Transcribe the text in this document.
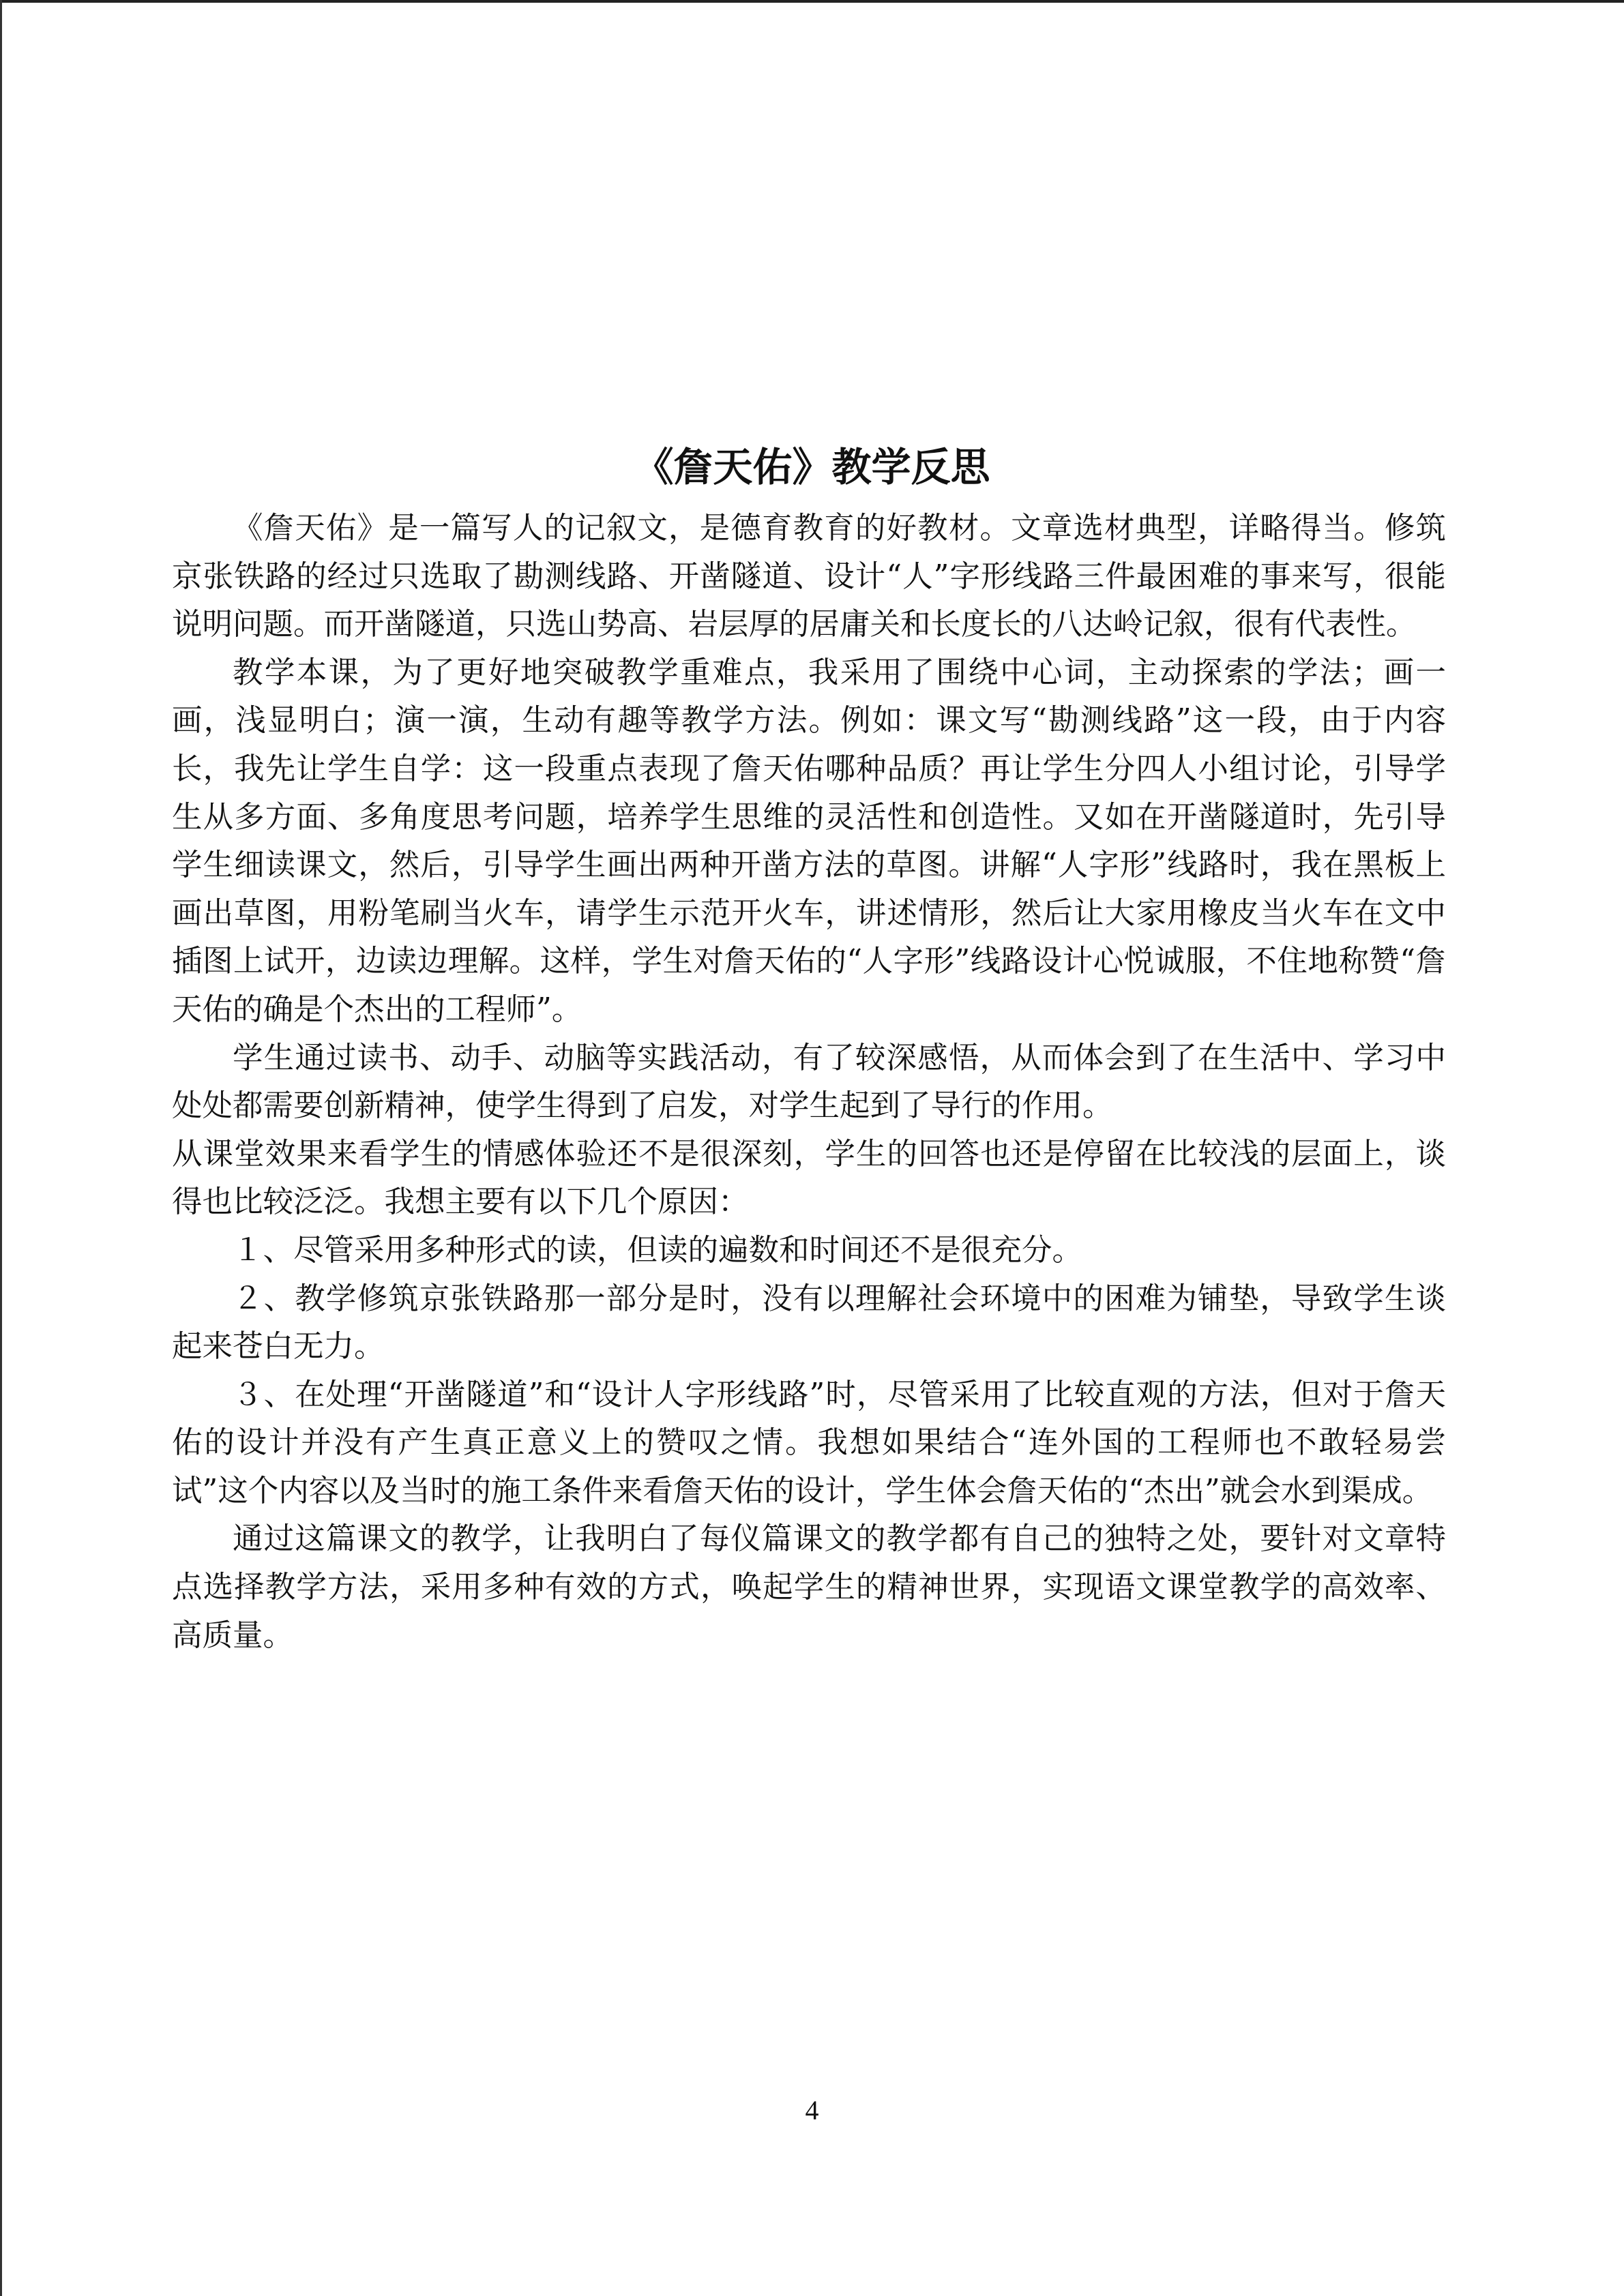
《詹天佑》教学反思

《詹天佑》是一篇写人的记叙文，是德育教育的好教材。文章选材典型，详略得当。修筑京张铁路的经过只选取了勘测线路、开凿隧道、设计“人”字形线路三件最困难的事来写，很能说明问题。而开凿隧道，只选山势高、岩层厚的居庸关和长度长的八达岭记叙，很有代表性。

教学本课，为了更好地突破教学重难点，我采用了围绕中心词，主动探索的学法；画一画，浅显明白；演一演，生动有趣等教学方法。例如：课文写“勘测线路”这一段，由于内容长，我先让学生自学：这一段重点表现了詹天佑哪种品质？再让学生分四人小组讨论，引导学生从多方面、多角度思考问题，培养学生思维的灵活性和创造性。又如在开凿隧道时，先引导学生细读课文，然后，引导学生画出两种开凿方法的草图。讲解“人字形”线路时，我在黑板上画出草图，用粉笔刷当火车，请学生示范开火车，讲述情形，然后让大家用橡皮当火车在文中插图上试开，边读边理解。这样，学生对詹天佑的“人字形”线路设计心悦诚服，不住地称赞“詹天佑的确是个杰出的工程师”。

学生通过读书、动手、动脑等实践活动，有了较深感悟，从而体会到了在生活中、学习中处处都需要创新精神，使学生得到了启发，对学生起到了导行的作用。

从课堂效果来看学生的情感体验还不是很深刻，学生的回答也还是停留在比较浅的层面上，谈得也比较泛泛。我想主要有以下几个原因：

１、尽管采用多种形式的读，但读的遍数和时间还不是很充分。

２、教学修筑京张铁路那一部分是时，没有以理解社会环境中的困难为铺垫，导致学生谈起来苍白无力。

３、在处理“开凿隧道”和“设计人字形线路”时，尽管采用了比较直观的方法，但对于詹天佑的设计并没有产生真正意义上的赞叹之情。我想如果结合“连外国的工程师也不敢轻易尝试”这个内容以及当时的施工条件来看詹天佑的设计，学生体会詹天佑的“杰出”就会水到渠成。

通过这篇课文的教学，让我明白了每仪篇课文的教学都有自己的独特之处，要针对文章特点选择教学方法，采用多种有效的方式，唤起学生的精神世界，实现语文课堂教学的高效率、高质量。

4
